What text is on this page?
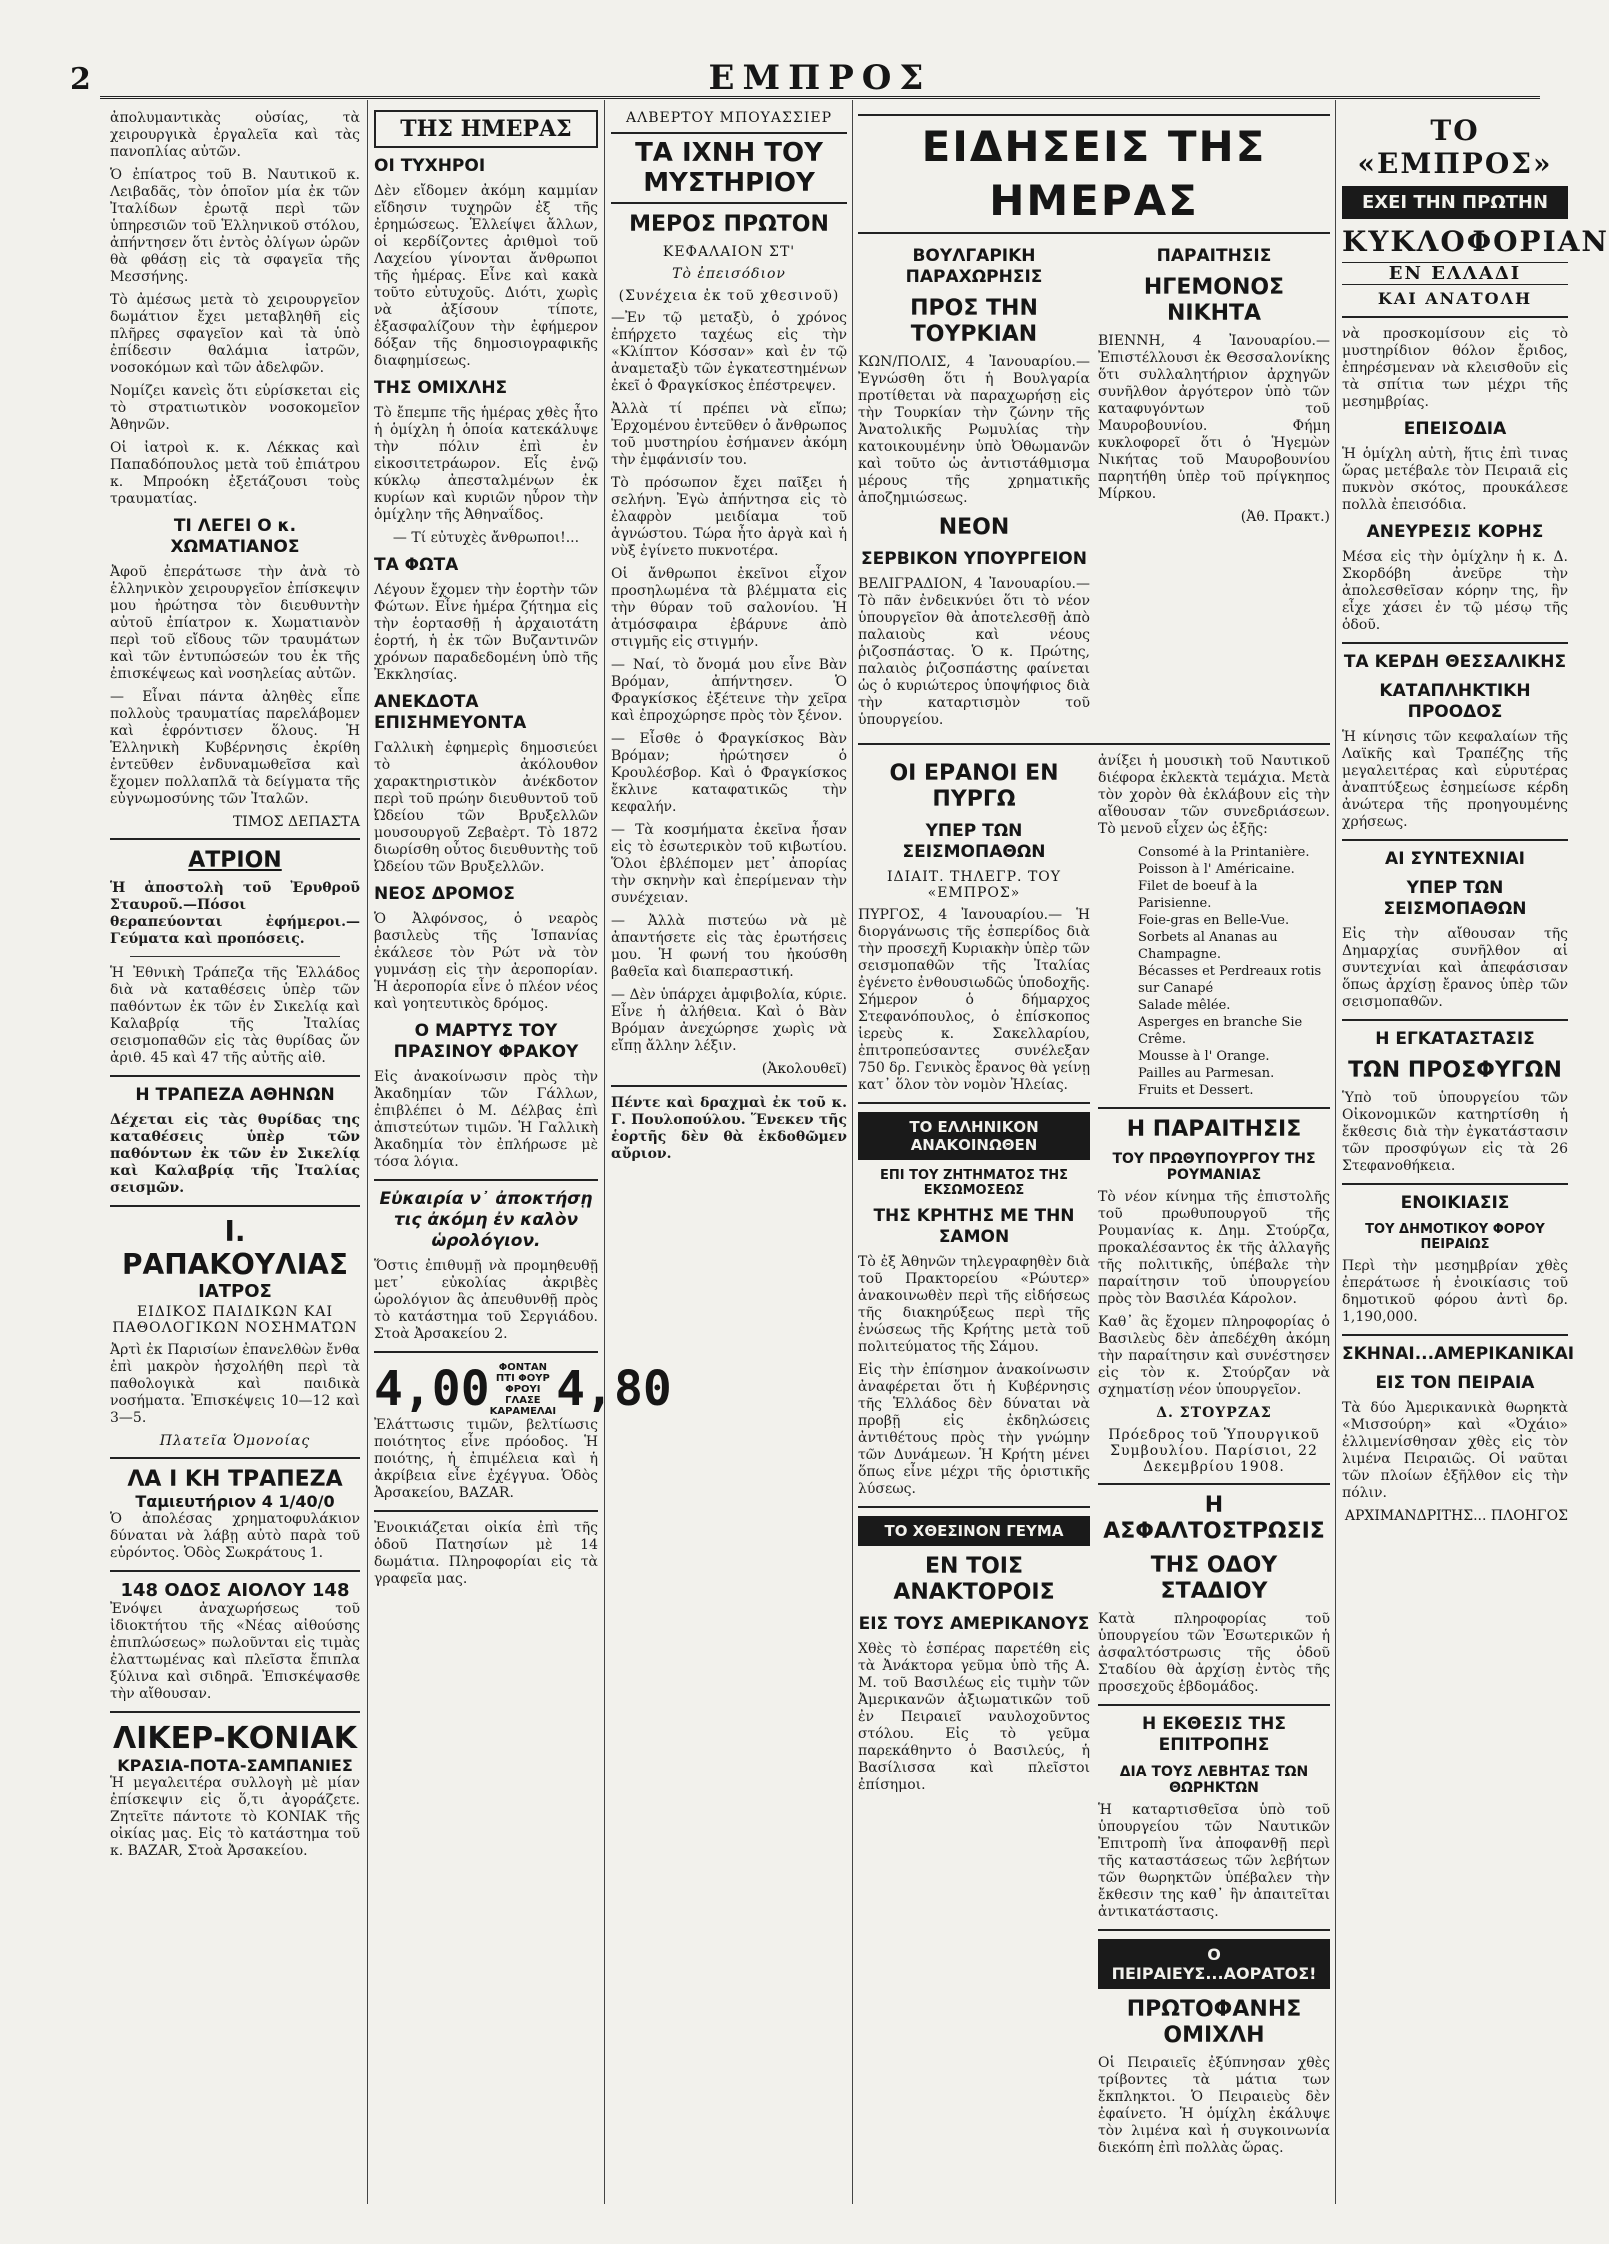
ΕΜΠΡΟΣ
2

ἀπολυμαντικὰς οὐσίας, τὰ χειρουργικὰ ἐργαλεῖα καὶ τὰς πανοπλίας αὐτῶν.

Ὁ ἐπίατρος τοῦ Β. Ναυτικοῦ κ. Λειβαδᾶς, τὸν ὁποῖον μία ἐκ τῶν Ἰταλίδων ἐρωτᾷ περὶ τῶν ὑπηρεσιῶν τοῦ Ἑλληνικοῦ στόλου, ἀπήντησεν ὅτι ἐντὸς ὀλίγων ὡρῶν θὰ φθάσῃ εἰς τὰ σφαγεῖα τῆς Μεσσήνης.

Τὸ ἀμέσως μετὰ τὸ χειρουργεῖον δωμάτιον ἔχει μεταβληθῆ εἰς πλῆρες σφαγεῖον καὶ τὰ ὑπὸ ἐπίδεσιν θαλάμια ἰατρῶν, νοσοκόμων καὶ τῶν ἀδελφῶν.

Νομίζει κανεὶς ὅτι εὑρίσκεται εἰς τὸ στρατιωτικὸν νοσοκομεῖον Ἀθηνῶν.

Οἱ ἰατροὶ κ. κ. Λέκκας καὶ Παπαδόπουλος μετὰ τοῦ ἐπιάτρου κ. Μπροόκη ἐξετάζουσι τοὺς τραυματίας.

ΤΙ ΛΕΓΕΙ Ο κ. ΧΩΜΑΤΙΑΝΟΣ

Ἀφοῦ ἐπεράτωσε τὴν ἀνὰ τὸ ἑλληνικὸν χειρουργεῖον ἐπίσκεψιν μου ἠρώτησα τὸν διευθυντὴν αὐτοῦ ἐπίατρον κ. Χωματιανὸν περὶ τοῦ εἴδους τῶν τραυμάτων καὶ τῶν ἐντυπώσεών του ἐκ τῆς ἐπισκέψεως καὶ νοσηλείας αὐτῶν.

— Εἶναι πάντα ἀληθὲς εἶπε πολλοὺς τραυματίας παρελάβομεν καὶ ἐφρόντισεν ὅλους. Ἡ Ἑλληνικὴ Κυβέρνησις ἐκρίθη ἐντεῦθεν ἐνδυναμωθεῖσα καὶ ἔχομεν πολλαπλᾶ τὰ δείγματα τῆς εὐγνωμοσύνης τῶν Ἰταλῶν.

ΤΙΜΟΣ ΔΕΠΑΣΤΑ
ΑΤΡΙΟΝ

Ἡ ἀποστολὴ τοῦ Ἐρυθροῦ Σταυροῦ.—Πόσοι θεραπεύονται ἐφήμεροι.—Γεύματα καὶ προπόσεις.

Ἡ Ἐθνικὴ Τράπεζα τῆς Ἑλλάδος διὰ νὰ καταθέσεις ὑπὲρ τῶν παθόντων ἐκ τῶν ἐν Σικελίᾳ καὶ Καλαβρίᾳ τῆς Ἰταλίας σεισμοπαθῶν εἰς τὰς θυρίδας ὤν ἀριθ. 45 καὶ 47 τῆς αὐτῆς αἰθ.

Η ΤΡΑΠΕΖΑ ΑΘΗΝΩΝ

Δέχεται εἰς τὰς θυρίδας της καταθέσεις ὑπὲρ τῶν παθόντων ἐκ τῶν ἐν Σικελίᾳ καὶ Καλαβρίᾳ τῆς Ἰταλίας σεισμῶν.

Ι. ΡΑΠΑΚΟΥΛΙΑΣ
ΙΑΤΡΟΣ
ΕΙΔΙΚΟΣ ΠΑΙΔΙΚΩΝ ΚΑΙ ΠΑΘΟΛΟΓΙΚΩΝ ΝΟΣΗΜΑΤΩΝ

Ἀρτὶ ἐκ Παρισίων ἐπανελθὼν ἔνθα ἐπὶ μακρὸν ἠσχολήθη περὶ τὰ παθολογικὰ καὶ παιδικὰ νοσήματα. Ἐπισκέψεις 10—12 καὶ 3—5.

Πλατεῖα Ὁμονοίας
ΛΑ Ι ΚΗ ΤΡΑΠΕΖΑ
Ταμιευτήριον 4 1/40/0

Ὁ ἀπολέσας χρηματοφυλάκιον δύναται νὰ λάβῃ αὐτὸ παρὰ τοῦ εὑρόντος. Ὁδὸς Σωκράτους 1.

148 ΟΔΟΣ ΑΙΟΛΟΥ 148

Ἐνόψει ἀναχωρήσεως τοῦ ἰδιοκτήτου τῆς «Νέας αἰθούσης ἐπιπλώσεως» πωλοῦνται εἰς τιμὰς ἐλαττωμένας καὶ πλεῖστα ἔπιπλα ξύλινα καὶ σιδηρᾶ. Ἐπισκέψασθε τὴν αἴθουσαν.

ΛΙΚΕΡ-ΚΟΝΙΑΚ
ΚΡΑΣΙΑ-ΠΟΤΑ-ΣΑΜΠΑΝΙΕΣ

Ἡ μεγαλειτέρα συλλογὴ μὲ μίαν ἐπίσκεψιν εἰς ὅ,τι ἀγοράζετε. Ζητεῖτε πάντοτε τὸ ΚΟΝΙΑΚ τῆς οἰκίας μας. Εἰς τὸ κατάστημα τοῦ κ. BAZAR, Στοὰ Ἀρσακείου.

ΤΗΣ ΗΜΕΡΑΣ
ΟΙ ΤΥΧΗΡΟΙ

Δὲν εἴδομεν ἀκόμη καμμίαν εἴδησιν τυχηρῶν ἐξ τῆς ἐρημώσεως. Ἑλλείψει ἄλλων, οἱ κερδίζοντες ἀριθμοὶ τοῦ Λαχείου γίνονται ἄνθρωποι τῆς ἡμέρας. Εἶνε καὶ κακὰ τοῦτο εὐτυχοῦς. Διότι, χωρὶς νὰ ἀξίσουν τίποτε, ἐξασφαλίζουν τὴν ἐφήμερον δόξαν τῆς δημοσιογραφικῆς διαφημίσεως.

ΤΗΣ ΟΜΙΧΛΗΣ

Τὸ ἔπεμπε τῆς ἡμέρας χθὲς ἦτο ἡ ὁμίχλη ἡ ὁποία κατεκάλυψε τὴν πόλιν ἐπὶ ἐν εἰκοσιτετράωρον. Εἷς ἐνῷ κύκλῳ ἀπεσταλμένων ἐκ κυρίων καὶ κυριῶν ηὗρον τὴν ὁμίχλην τῆς Ἀθηναΐδος.

— Τί εὐτυχὲς ἄνθρωποι!...

ΤΑ ΦΩΤΑ

Λέγουν ἔχομεν τὴν ἑορτὴν τῶν Φώτων. Εἶνε ἡμέρα ζήτημα εἰς τὴν ἑορτασθῇ ἡ ἀρχαιοτάτη ἑορτή, ἡ ἐκ τῶν Βυζαντινῶν χρόνων παραδεδομένη ὑπὸ τῆς Ἐκκλησίας.

ΑΝΕΚΔΟΤΑ ΕΠΙΣΗΜΕΥΟΝΤΑ

Γαλλικὴ ἐφημερὶς δημοσιεύει τὸ ἀκόλουθον χαρακτηριστικὸν ἀνέκδοτον περὶ τοῦ πρώην διευθυντοῦ τοῦ Ὠδείου τῶν Βρυξελλῶν μουσουργοῦ Ζεβαὲρτ. Τὸ 1872 διωρίσθη οὗτος διευθυντὴς τοῦ Ὠδείου τῶν Βρυξελλῶν.

ΝΕΟΣ ΔΡΟΜΟΣ

Ὁ Ἀλφόνσος, ὁ νεαρὸς βασιλεὺς τῆς Ἱσπανίας ἐκάλεσε τὸν Ρώτ νὰ τὸν γυμνάσῃ εἰς τὴν ἀεροπορίαν. Ἡ ἀεροπορία εἶνε ὁ πλέον νέος καὶ γοητευτικὸς δρόμος.

Ο ΜΑΡΤΥΣ ΤΟΥ ΠΡΑΣΙΝΟΥ ΦΡΑΚΟΥ

Εἰς ἀνακοίνωσιν πρὸς τὴν Ἀκαδημίαν τῶν Γάλλων, ἐπιβλέπει ὁ Μ. Δέλβας ἐπὶ ἀπιστεύτων τιμῶν. Ἡ Γαλλικὴ Ἀκαδημία τὸν ἐπλήρωσε μὲ τόσα λόγια.

Εὐκαιρία ν᾽ ἀποκτήσῃ τις ἀκόμη ἐν καλὸν ὡρολόγιον.

Ὅστις ἐπιθυμῇ νὰ προμηθευθῇ μετ᾽ εὐκολίας ἀκριβὲς ὡρολόγιον ἃς ἀπευθυνθῇ πρὸς τὸ κατάστημα τοῦ Σεργιάδου. Στοὰ Ἀρσακείου 2.

4,00 ΦΟΝΤΑΝ ΠΤΙ ΦΟΥΡ ΦΡΟΥΙ ΓΛΑΣΕ ΚΑΡΑΜΕΛΑΙ 4,80

Ἐλάττωσις τιμῶν, βελτίωσις ποιότητος εἶνε πρόοδος. Ἡ ποιότης, ἡ ἐπιμέλεια καὶ ἡ ἀκρίβεια εἶνε ἐχέγγυα. Ὁδὸς Ἀρσακείου, BAZAR.

Ἐνοικιάζεται οἰκία ἐπὶ τῆς ὁδοῦ Πατησίων μὲ 14 δωμάτια. Πληροφορίαι εἰς τὰ γραφεῖα μας.

ΑΛΒΕΡΤΟΥ ΜΠΟΥΑΣΣΙΕΡ
ΤΑ ΙΧΝΗ ΤΟΥ ΜΥΣΤΗΡΙΟΥ
ΜΕΡΟΣ ΠΡΩΤΟΝ
ΚΕΦΑΛΑΙΟΝ ΣΤ'
Τὸ ἐπεισόδιον
(Συνέχεια ἐκ τοῦ χθεσινοῦ)

—Ἐν τῷ μεταξὺ, ὁ χρόνος ἐπήρχετο ταχέως εἰς τὴν «Κλίπτον Κόσσαν» καὶ ἐν τῷ ἀναμεταξὺ τῶν ἐγκατεστημένων ἐκεῖ ὁ Φραγκίσκος ἐπέστρεψεν.

Ἀλλὰ τί πρέπει νὰ εἴπω; Ἐρχομένου ἐντεῦθεν ὁ ἄνθρωπος τοῦ μυστηρίου ἐσήμανεν ἀκόμη τὴν ἐμφάνισίν του.

Τὸ πρόσωπον ἔχει παῖξει ἡ σελήνη. Ἐγὼ ἀπήντησα εἰς τὸ ἐλαφρὸν μειδίαμα τοῦ ἀγνώστου. Τώρα ἦτο ἀργὰ καὶ ἡ νὺξ ἐγίνετο πυκνοτέρα.

Οἱ ἄνθρωποι ἐκεῖνοι εἶχον προσηλωμένα τὰ βλέμματα εἰς τὴν θύραν τοῦ σαλονίου. Ἡ ἀτμόσφαιρα ἐβάρυνε ἀπὸ στιγμῆς εἰς στιγμήν.

— Ναί, τὸ ὄνομά μου εἶνε Βὰν Βρόμαν, ἀπήντησεν. Ὁ Φραγκίσκος ἐξέτεινε τὴν χεῖρα καὶ ἐπροχώρησε πρὸς τὸν ξένον.

— Εἶσθε ὁ Φραγκίσκος Βὰν Βρόμαν; ἠρώτησεν ὁ Κρουλέσβορ. Καὶ ὁ Φραγκίσκος ἔκλινε καταφατικῶς τὴν κεφαλήν.

— Τὰ κοσμήματα ἐκεῖνα ἦσαν εἰς τὸ ἐσωτερικὸν τοῦ κιβωτίου. Ὅλοι ἐβλέπομεν μετ᾽ ἀπορίας τὴν σκηνὴν καὶ ἐπερίμεναν τὴν συνέχειαν.

— Ἀλλὰ πιστεύω νὰ μὲ ἀπαντήσετε εἰς τὰς ἐρωτήσεις μου. Ἡ φωνή του ἠκούσθη βαθεῖα καὶ διαπεραστική.

— Δὲν ὑπάρχει ἀμφιβολία, κύριε. Εἶνε ἡ ἀλήθεια. Καὶ ὁ Βὰν Βρόμαν ἀνεχώρησε χωρὶς νὰ εἴπῃ ἄλλην λέξιν.

(Ἀκολουθεῖ)

Πέντε καὶ δραχμαὶ ἐκ τοῦ κ. Γ. Πουλοπούλου. Ἕνεκεν τῆς ἑορτῆς δὲν θὰ ἐκδοθῶμεν αὔριον.

ΕΙΔΗΣΕΙΣ ΤΗΣ ΗΜΕΡΑΣ
ΒΟΥΛΓΑΡΙΚΗ ΠΑΡΑΧΩΡΗΣΙΣ
ΠΡΟΣ ΤΗΝ ΤΟΥΡΚΙΑΝ

ΚΩΝ/ΠΟΛΙΣ, 4 Ἰανουαρίου.— Ἐγνώσθη ὅτι ἡ Βουλγαρία προτίθεται νὰ παραχωρήσῃ εἰς τὴν Τουρκίαν τὴν ζώνην τῆς Ἀνατολικῆς Ρωμυλίας τὴν κατοικουμένην ὑπὸ Ὀθωμανῶν καὶ τοῦτο ὡς ἀντιστάθμισμα μέρους τῆς χρηματικῆς ἀποζημιώσεως.

ΝΕΟΝ
ΣΕΡΒΙΚΟΝ ΥΠΟΥΡΓΕΙΟΝ

ΒΕΛΙΓΡΑΔΙΟΝ, 4 Ἰανουαρίου.— Τὸ πᾶν ἐνδεικνύει ὅτι τὸ νέον ὑπουργεῖον θὰ ἀποτελεσθῇ ἀπὸ παλαιοὺς καὶ νέους ῥιζοσπάστας. Ὁ κ. Πρώτης, παλαιὸς ῥιζοσπάστης φαίνεται ὡς ὁ κυριώτερος ὑποψήφιος διὰ τὴν καταρτισμὸν τοῦ ὑπουργείου.

ΠΑΡΑΙΤΗΣΙΣ
ΗΓΕΜΟΝΟΣ ΝΙΚΗΤΑ

ΒΙΕΝΝΗ, 4 Ἰανουαρίου.—Ἐπιστέλλουσι ἐκ Θεσσαλονίκης ὅτι συλλαλητήριον ἀρχηγῶν συνῆλθον ἀργότερον ὑπὸ τῶν καταφυγόντων τοῦ Μαυροβουνίου. Φήμη κυκλοφορεῖ ὅτι ὁ Ἡγεμὼν Νικήτας τοῦ Μαυροβουνίου παρητήθη ὑπὲρ τοῦ πρίγκηπος Μίρκου.

(Ἀθ. Πρακτ.)
ΟΙ ΕΡΑΝΟΙ ΕΝ ΠΥΡΓΩ
ΥΠΕΡ ΤΩΝ ΣΕΙΣΜΟΠΑΘΩΝ
ΙΔΙΑΙΤ. ΤΗΛΕΓΡ. ΤΟΥ «ΕΜΠΡΟΣ»

ΠΥΡΓΟΣ, 4 Ἰανουαρίου.— Ἡ διοργάνωσις τῆς ἑσπερίδος διὰ τὴν προσεχῆ Κυριακὴν ὑπὲρ τῶν σεισμοπαθῶν τῆς Ἰταλίας ἐγένετο ἐνθουσιωδῶς ὑποδοχῆς. Σήμερον ὁ δήμαρχος Στεφανόπουλος, ὁ ἐπίσκοπος ἱερεὺς κ. Σακελλαρίου, ἐπιτροπεύσαντες συνέλεξαν 750 δρ. Γενικὸς ἔρανος θὰ γείνῃ κατ᾽ ὅλον τὸν νομὸν Ἠλείας.

ΤΟ ΕΛΛΗΝΙΚΟΝ ΑΝΑΚΟΙΝΩΘΕΝ
ΕΠΙ ΤΟΥ ΖΗΤΗΜΑΤΟΣ ΤΗΣ ΕΚΣΩΜΟΣΕΩΣ
ΤΗΣ ΚΡΗΤΗΣ ΜΕ ΤΗΝ ΣΑΜΟΝ

Τὸ ἐξ Ἀθηνῶν τηλεγραφηθὲν διὰ τοῦ Πρακτορείου «Ρώυτερ» ἀνακοινωθὲν περὶ τῆς εἰδήσεως τῆς διακηρύξεως περὶ τῆς ἐνώσεως τῆς Κρήτης μετὰ τοῦ πολιτεύματος τῆς Σάμου.

Εἰς τὴν ἐπίσημον ἀνακοίνωσιν ἀναφέρεται ὅτι ἡ Κυβέρνησις τῆς Ἑλλάδος δὲν δύναται νὰ προβῇ εἰς ἐκδηλώσεις ἀντιθέτους πρὸς τὴν γνώμην τῶν Δυνάμεων. Ἡ Κρήτη μένει ὅπως εἶνε μέχρι τῆς ὁριστικῆς λύσεως.

ΤΟ ΧΘΕΣΙΝΟΝ ΓΕΥΜΑ
ΕΝ ΤΟΙΣ ΑΝΑΚΤΟΡΟΙΣ
ΕΙΣ ΤΟΥΣ ΑΜΕΡΙΚΑΝΟΥΣ

Χθὲς τὸ ἑσπέρας παρετέθη εἰς τὰ Ἀνάκτορα γεῦμα ὑπὸ τῆς Α. Μ. τοῦ Βασιλέως εἰς τιμὴν τῶν Ἀμερικανῶν ἀξιωματικῶν τοῦ ἐν Πειραιεῖ ναυλοχοῦντος στόλου. Εἰς τὸ γεῦμα παρεκάθηντο ὁ Βασιλεύς, ἡ Βασίλισσα καὶ πλεῖστοι ἐπίσημοι.

ἀνίξει ἡ μουσικὴ τοῦ Ναυτικοῦ διέφορα ἑκλεκτὰ τεμάχια. Μετὰ τὸν χορὸν θὰ ἐκλάβουν εἰς τὴν αἴθουσαν τῶν συνεδριάσεων. Τὸ μενοῦ εἶχεν ὡς ἑξῆς:

Consomé à la Printanière.
Poisson à l' Américaine.
Filet de boeuf à la Parisienne.
Foie-gras en Belle-Vue.
Sorbets al Ananas au Champagne.
Bécasses et Perdreaux rotis sur Canapé
Salade mêlée.
Asperges en branche Sie Crême.
Mousse à l' Orange.
Pailles au Parmesan.
Fruits et Dessert.
Η ΠΑΡΑΙΤΗΣΙΣ
ΤΟΥ ΠΡΩΘΥΠΟΥΡΓΟΥ ΤΗΣ ΡΟΥΜΑΝΙΑΣ

Τὸ νέον κίνημα τῆς ἐπιστολῆς τοῦ πρωθυπουργοῦ τῆς Ρουμανίας κ. Δημ. Στούρζα, προκαλέσαντος ἐκ τῆς ἀλλαγῆς τῆς πολιτικῆς, ὑπέβαλε τὴν παραίτησιν τοῦ ὑπουργείου πρὸς τὸν Βασιλέα Κάρολον.

Καθ᾽ ἃς ἔχομεν πληροφορίας ὁ Βασιλεὺς δὲν ἀπεδέχθη ἀκόμη τὴν παραίτησιν καὶ συνέστησεν εἰς τὸν κ. Στούρζαν νὰ σχηματίσῃ νέον ὑπουργεῖον.

Δ. ΣΤΟΥΡΖΑΣ
Πρόεδρος τοῦ Ὑπουργικοῦ Συμβουλίου. Παρίσιοι, 22 Δεκεμβρίου 1908.
Η ΑΣΦΑΛΤΟΣΤΡΩΣΙΣ
ΤΗΣ ΟΔΟΥ ΣΤΑΔΙΟΥ

Κατὰ πληροφορίας τοῦ ὑπουργείου τῶν Ἐσωτερικῶν ἡ ἀσφαλτόστρωσις τῆς ὁδοῦ Σταδίου θὰ ἀρχίσῃ ἐντὸς τῆς προσεχοῦς ἑβδομάδος.

Η ΕΚΘΕΣΙΣ ΤΗΣ ΕΠΙΤΡΟΠΗΣ
ΔΙΑ ΤΟΥΣ ΛΕΒΗΤΑΣ ΤΩΝ ΘΩΡΗΚΤΩΝ

Ἡ καταρτισθεῖσα ὑπὸ τοῦ ὑπουργείου τῶν Ναυτικῶν Ἐπιτροπὴ ἵνα ἀποφανθῇ περὶ τῆς καταστάσεως τῶν λεβήτων τῶν θωρηκτῶν ὑπέβαλεν τὴν ἔκθεσιν της καθ᾽ ἣν ἀπαιτεῖται ἀντικατάστασις.

Ο ΠΕΙΡΑΙΕΥΣ...ΑΟΡΑΤΟΣ!
ΠΡΩΤΟΦΑΝΗΣ ΟΜΙΧΛΗ

Οἱ Πειραιεῖς ἐξύπνησαν χθὲς τρίβοντες τὰ μάτια των ἔκπληκτοι. Ὁ Πειραιεὺς δὲν ἐφαίνετο. Ἡ ὁμίχλη ἐκάλυψε τὸν λιμένα καὶ ἡ συγκοινωνία διεκόπη ἐπὶ πολλὰς ὥρας.

ΤΟ «ΕΜΠΡΟΣ»
ΕΧΕΙ ΤΗΝ ΠΡΩΤΗΝ
ΚΥΚΛΟΦΟΡΙΑΝ
ΕΝ ΕΛΛΑΔΙ
ΚΑΙ ΑΝΑΤΟΛΗ

νὰ προσκομίσουν εἰς τὸ μυστηρίδιον θόλον ἔριδος, ἐπηρέσμεναν νὰ κλεισθοῦν εἰς τὰ σπίτια των μέχρι τῆς μεσημβρίας.

ΕΠΕΙΣΟΔΙΑ

Ἡ ὁμίχλη αὐτὴ, ἥτις ἐπὶ τινας ὥρας μετέβαλε τὸν Πειραιᾶ εἰς πυκνὸν σκότος, προυκάλεσε πολλὰ ἐπεισόδια.

ΑΝΕΥΡΕΣΙΣ ΚΟΡΗΣ

Μέσα εἰς τὴν ὁμίχλην ἡ κ. Δ. Σκορδόβη ἀνεῦρε τὴν ἀπολεσθεῖσαν κόρην της, ἣν εἶχε χάσει ἐν τῷ μέσῳ τῆς ὁδοῦ.

ΤΑ ΚΕΡΔΗ ΘΕΣΣΑΛΙΚΗΣ
ΚΑΤΑΠΛΗΚΤΙΚΗ ΠΡΟΟΔΟΣ

Ἡ κίνησις τῶν κεφαλαίων τῆς Λαϊκῆς καὶ Τραπέζης τῆς μεγαλειτέρας καὶ εὐρυτέρας ἀναπτύξεως ἐσημείωσε κέρδη ἀνώτερα τῆς προηγουμένης χρήσεως.

ΑΙ ΣΥΝΤΕΧΝΙΑΙ
ΥΠΕΡ ΤΩΝ ΣΕΙΣΜΟΠΑΘΩΝ

Εἰς τὴν αἴθουσαν τῆς Δημαρχίας συνῆλθον αἱ συντεχνίαι καὶ ἀπεφάσισαν ὅπως ἀρχίσῃ ἔρανος ὑπὲρ τῶν σεισμοπαθῶν.

Η ΕΓΚΑΤΑΣΤΑΣΙΣ
ΤΩΝ ΠΡΟΣΦΥΓΩΝ

Ὑπὸ τοῦ ὑπουργείου τῶν Οἰκονομικῶν κατηρτίσθη ἡ ἔκθεσις διὰ τὴν ἐγκατάστασιν τῶν προσφύγων εἰς τὰ 26 Στεφανοθήκεια.

ΕΝΟΙΚΙΑΣΙΣ
ΤΟΥ ΔΗΜΟΤΙΚΟΥ ΦΟΡΟΥ ΠΕΙΡΑΙΩΣ

Περὶ τὴν μεσημβρίαν χθὲς ἐπεράτωσε ἡ ἐνοικίασις τοῦ δημοτικοῦ φόρου ἀντὶ δρ. 1,190,000.

ΣΚΗΝΑΙ...ΑΜΕΡΙΚΑΝΙΚΑΙ
ΕΙΣ ΤΟΝ ΠΕΙΡΑΙΑ

Τὰ δύο Ἀμερικανικὰ θωρηκτὰ «Μισσούρη» καὶ «Ὀχάιο» ἐλλιμενίσθησαν χθὲς εἰς τὸν λιμένα Πειραιῶς. Οἱ ναῦται τῶν πλοίων ἐξῆλθον εἰς τὴν πόλιν.

ΑΡΧΙΜΑΝΔΡΙΤΗΣ... ΠΛΟΗΓΟΣ
